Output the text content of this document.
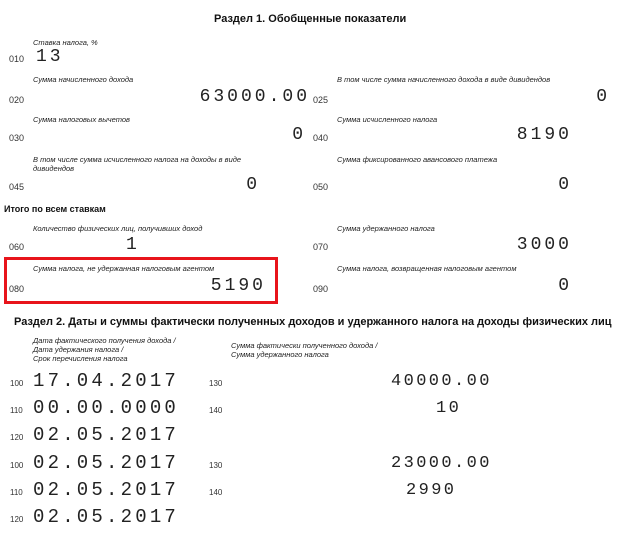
Раздел 1. Обобщенные показатели
Ставка налога, %
010 13
Сумма начисленного дохода
020	63000.00
В том числе сумма начисленного дохода в виде дивидендов
025	0
Сумма налоговых вычетов
030	0
Сумма исчисленного налога
040	8190
В том числе сумма исчисленного налога на доходы в виде
дивидендов
045	0
Сумма фиксированного авансового платежа
050	0
Итого по всем ставкам
Количество физических лиц, получивших доход
060	1
Сумма удержанного налога
070	3000
Сумма налога, не удержанная налоговым агентом
080	5190
Сумма налога, возвращенная налоговым агентом
090	0
Раздел 2. Даты и суммы фактически полученных доходов и удержанного налога на доходы физических лиц
Дата фактического получения дохода /
Дата удержания налога /
Срок перечисления налога
Сумма фактически полученного дохода /
Сумма удержанного налога
100 17.04.2017	130	40000.00
110 00.00.0000	140	10
120 02.05.2017
100 02.05.2017	130	23000.00
110 02.05.2017	140	2990
120 02.05.2017
